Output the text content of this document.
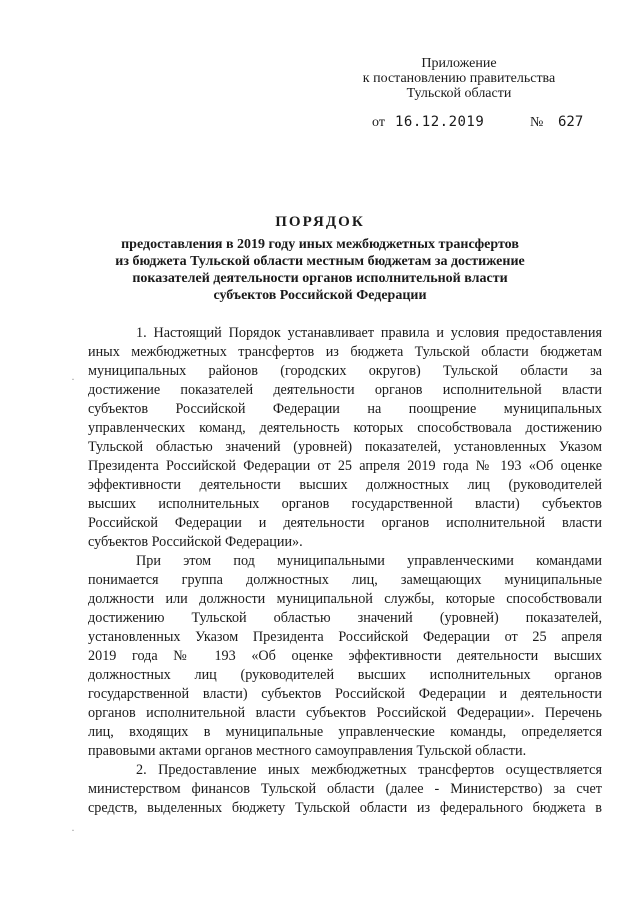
Приложение
к постановлению правительства
Тульской области
от 16.12.2019	№ 627
ПОРЯДОК
предоставления в 2019 году иных межбюджетных трансфертов
из бюджета Тульской области местным бюджетам за достижение
показателей деятельности органов исполнительной власти
субъектов Российской Федерации
·
·
1. Настоящий Порядок устанавливает правила и условия предоставления
иных межбюджетных трансфертов из бюджета Тульской области бюджетам
муниципальных районов (городских округов) Тульской области за
достижение показателей деятельности органов исполнительной власти
субъектов Российской Федерации на поощрение муниципальных
управленческих команд, деятельность которых способствовала достижению
Тульской областью значений (уровней) показателей, установленных Указом
Президента Российской Федерации от 25 апреля 2019 года № 193 «Об оценке
эффективности деятельности высших должностных лиц (руководителей
высших исполнительных органов государственной власти) субъектов
Российской Федерации и деятельности органов исполнительной власти
субъектов Российской Федерации».
При этом под муниципальными управленческими командами
понимается группа должностных лиц, замещающих муниципальные
должности или должности муниципальной службы, которые способствовали
достижению Тульской областью значений (уровней) показателей,
установленных Указом Президента Российской Федерации от 25 апреля
2019 года № 193 «Об оценке эффективности деятельности высших
должностных лиц (руководителей высших исполнительных органов
государственной власти) субъектов Российской Федерации и деятельности
органов исполнительной власти субъектов Российской Федерации». Перечень
лиц, входящих в муниципальные управленческие команды, определяется
правовыми актами органов местного самоуправления Тульской области.
2. Предоставление иных межбюджетных трансфертов осуществляется
министерством финансов Тульской области (далее - Министерство) за счет
средств, выделенных бюджету Тульской области из федерального бюджета в
